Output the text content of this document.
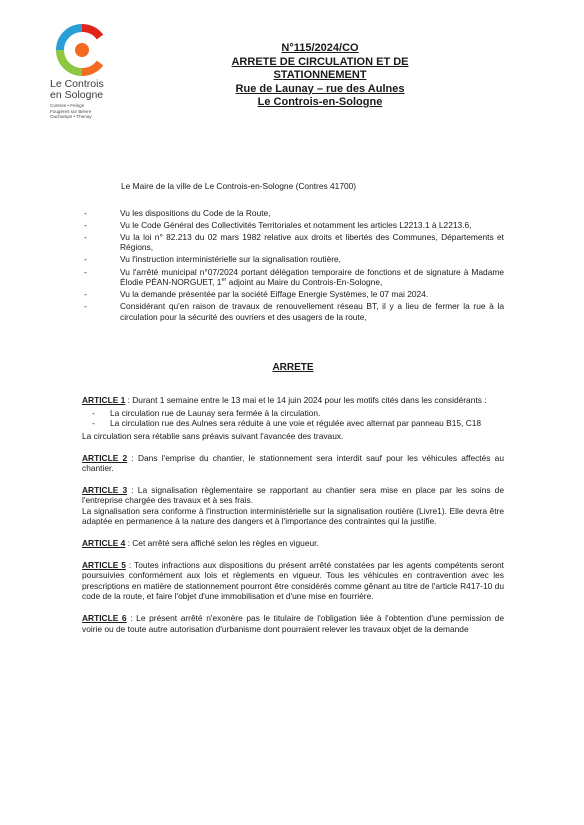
Le Controis
en Sologne
Contres • Feings
Fougères sur Bièvre
Ouchamps • Thenay
N°115/2024/CO
ARRETE DE CIRCULATION ET DE
STATIONNEMENT
Rue de Launay – rue des Aulnes
Le Controis-en-Sologne
Le Maire de la ville de Le Controis-en-Sologne (Contres 41700)
- Vu les dispositions du Code de la Route,
- Vu le Code Général des Collectivités Territoriales et notamment les articles L2213.1 à L2213.6,
- Vu la loi n° 82.213 du 02 mars 1982 relative aux droits et libertés des Communes, Départements et Régions,
- Vu l'instruction interministérielle sur la signalisation routière,
- Vu l'arrêté municipal n°07/2024 portant délégation temporaire de fonctions et de signature à Madame Élodie PÉAN-NORGUET, 1er adjoint au Maire du Controis-En-Sologne,
- Vu la demande présentée par la société Eiffage Energie Systèmes, le 07 mai 2024.
- Considérant qu'en raison de travaux de renouvellement réseau BT, il y a lieu de fermer la rue à la circulation pour la sécurité des ouvriers et des usagers de la route,
ARRETE
ARTICLE 1 : Durant 1 semaine entre le 13 mai et le 14 juin 2024 pour les motifs cités dans les considérants :
- La circulation rue de Launay sera fermée à la circulation.
- La circulation rue des Aulnes sera réduite à une voie et régulée avec alternat par panneau B15, C18
La circulation sera rétablie sans préavis suivant l'avancée des travaux.
ARTICLE 2 : Dans l'emprise du chantier, le stationnement sera interdit sauf pour les véhicules affectés au chantier.
ARTICLE 3 : La signalisation règlementaire se rapportant au chantier sera mise en place par les soins de l'entreprise chargée des travaux et à ses frais.
La signalisation sera conforme à l'instruction interministérielle sur la signalisation routière (Livre1). Elle devra être adaptée en permanence à la nature des dangers et à l'importance des contraintes qui la justifie.
ARTICLE 4 : Cet arrêté sera affiché selon les règles en vigueur.
ARTICLE 5 : Toutes infractions aux dispositions du présent arrêté constatées par les agents compétents seront poursuivies conformément aux lois et règlements en vigueur. Tous les véhicules en contravention avec les prescriptions en matière de stationnement pourront être considérés comme gênant au titre de l'article R417-10 du code de la route, et faire l'objet d'une immobilisation et d'une mise en fourrière.
ARTICLE 6 : Le présent arrêté n'exonère pas le titulaire de l'obligation liée à l'obtention d'une permission de voirie ou de toute autre autorisation d'urbanisme dont pourraient relever les travaux objet de la demande
